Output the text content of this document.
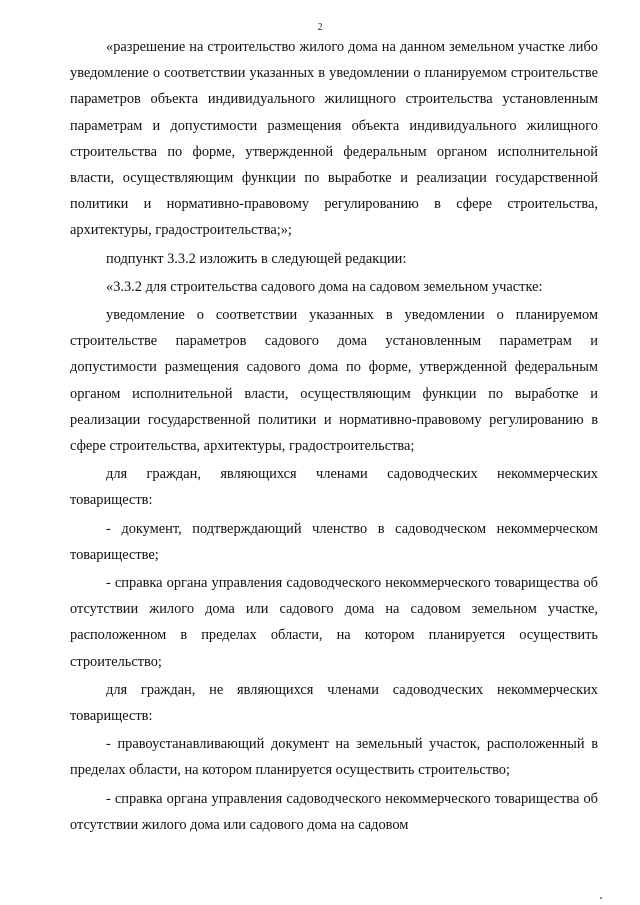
2

«разрешение на строительство жилого дома на данном земельном участке либо уведомление о соответствии указанных в уведомлении о планируемом строительстве параметров объекта индивидуального жилищного строительства установленным параметрам и допустимости размещения объекта индивидуального жилищного строительства по форме, утвержденной федеральным органом исполнительной власти, осуществляющим функции по выработке и реализации государственной политики и нормативно-правовому регулированию в сфере строительства, архитектуры, градостроительства;»;

подпункт 3.3.2 изложить в следующей редакции:

«3.3.2 для строительства садового дома на садовом земельном участке:

уведомление о соответствии указанных в уведомлении о планируемом строительстве параметров садового дома установленным параметрам и допустимости размещения садового дома по форме, утвержденной федеральным органом исполнительной власти, осуществляющим функции по выработке и реализации государственной политики и нормативно-правовому регулированию в сфере строительства, архитектуры, градостроительства;

для граждан, являющихся членами садоводческих некоммерческих товариществ:

- документ, подтверждающий членство в садоводческом некоммерческом товариществе;

- справка органа управления садоводческого некоммерческого товарищества об отсутствии жилого дома или садового дома на садовом земельном участке, расположенном в пределах области, на котором планируется осуществить строительство;

для граждан, не являющихся членами садоводческих некоммерческих товариществ:

- правоустанавливающий документ на земельный участок, расположенный в пределах области, на котором планируется осуществить строительство;

- справка органа управления садоводческого некоммерческого товарищества об отсутствии жилого дома или садового дома на садовом
